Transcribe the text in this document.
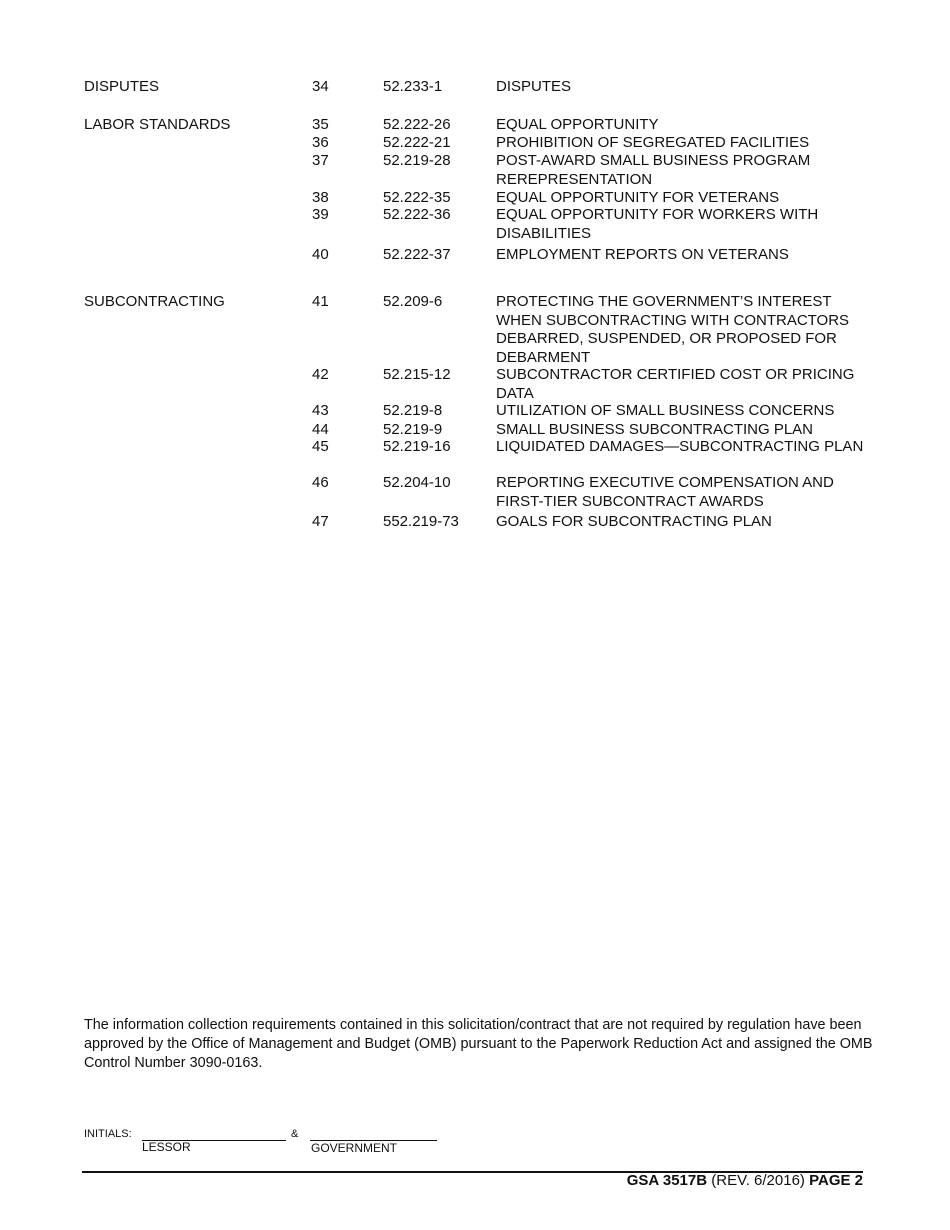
DISPUTES	34	52.233-1	DISPUTES
LABOR STANDARDS	35	52.222-26	EQUAL OPPORTUNITY
36	52.222-21	PROHIBITION OF SEGREGATED FACILITIES
37	52.219-28	POST-AWARD SMALL BUSINESS PROGRAM REREPRESENTATION
38	52.222-35	EQUAL OPPORTUNITY FOR VETERANS
39	52.222-36	EQUAL OPPORTUNITY FOR WORKERS WITH DISABILITIES
40	52.222-37	EMPLOYMENT REPORTS ON VETERANS
SUBCONTRACTING	41	52.209-6	PROTECTING THE GOVERNMENT’S INTEREST WHEN SUBCONTRACTING WITH CONTRACTORS DEBARRED, SUSPENDED, OR PROPOSED FOR DEBARMENT
42	52.215-12	SUBCONTRACTOR CERTIFIED COST OR PRICING DATA
43	52.219-8	UTILIZATION OF SMALL BUSINESS CONCERNS
44	52.219-9	SMALL BUSINESS SUBCONTRACTING PLAN
45	52.219-16	LIQUIDATED DAMAGES—SUBCONTRACTING PLAN
46	52.204-10	REPORTING EXECUTIVE COMPENSATION AND FIRST-TIER SUBCONTRACT AWARDS
47	552.219-73 GOALS FOR SUBCONTRACTING PLAN
The information collection requirements contained in this solicitation/contract that are not required by regulation have been approved by the Office of Management and Budget (OMB) pursuant to the Paperwork Reduction Act and assigned the OMB Control Number 3090-0163.
INITIALS:	&
LESSOR	GOVERNMENT
GSA 3517B (REV. 6/2016) PAGE 2
